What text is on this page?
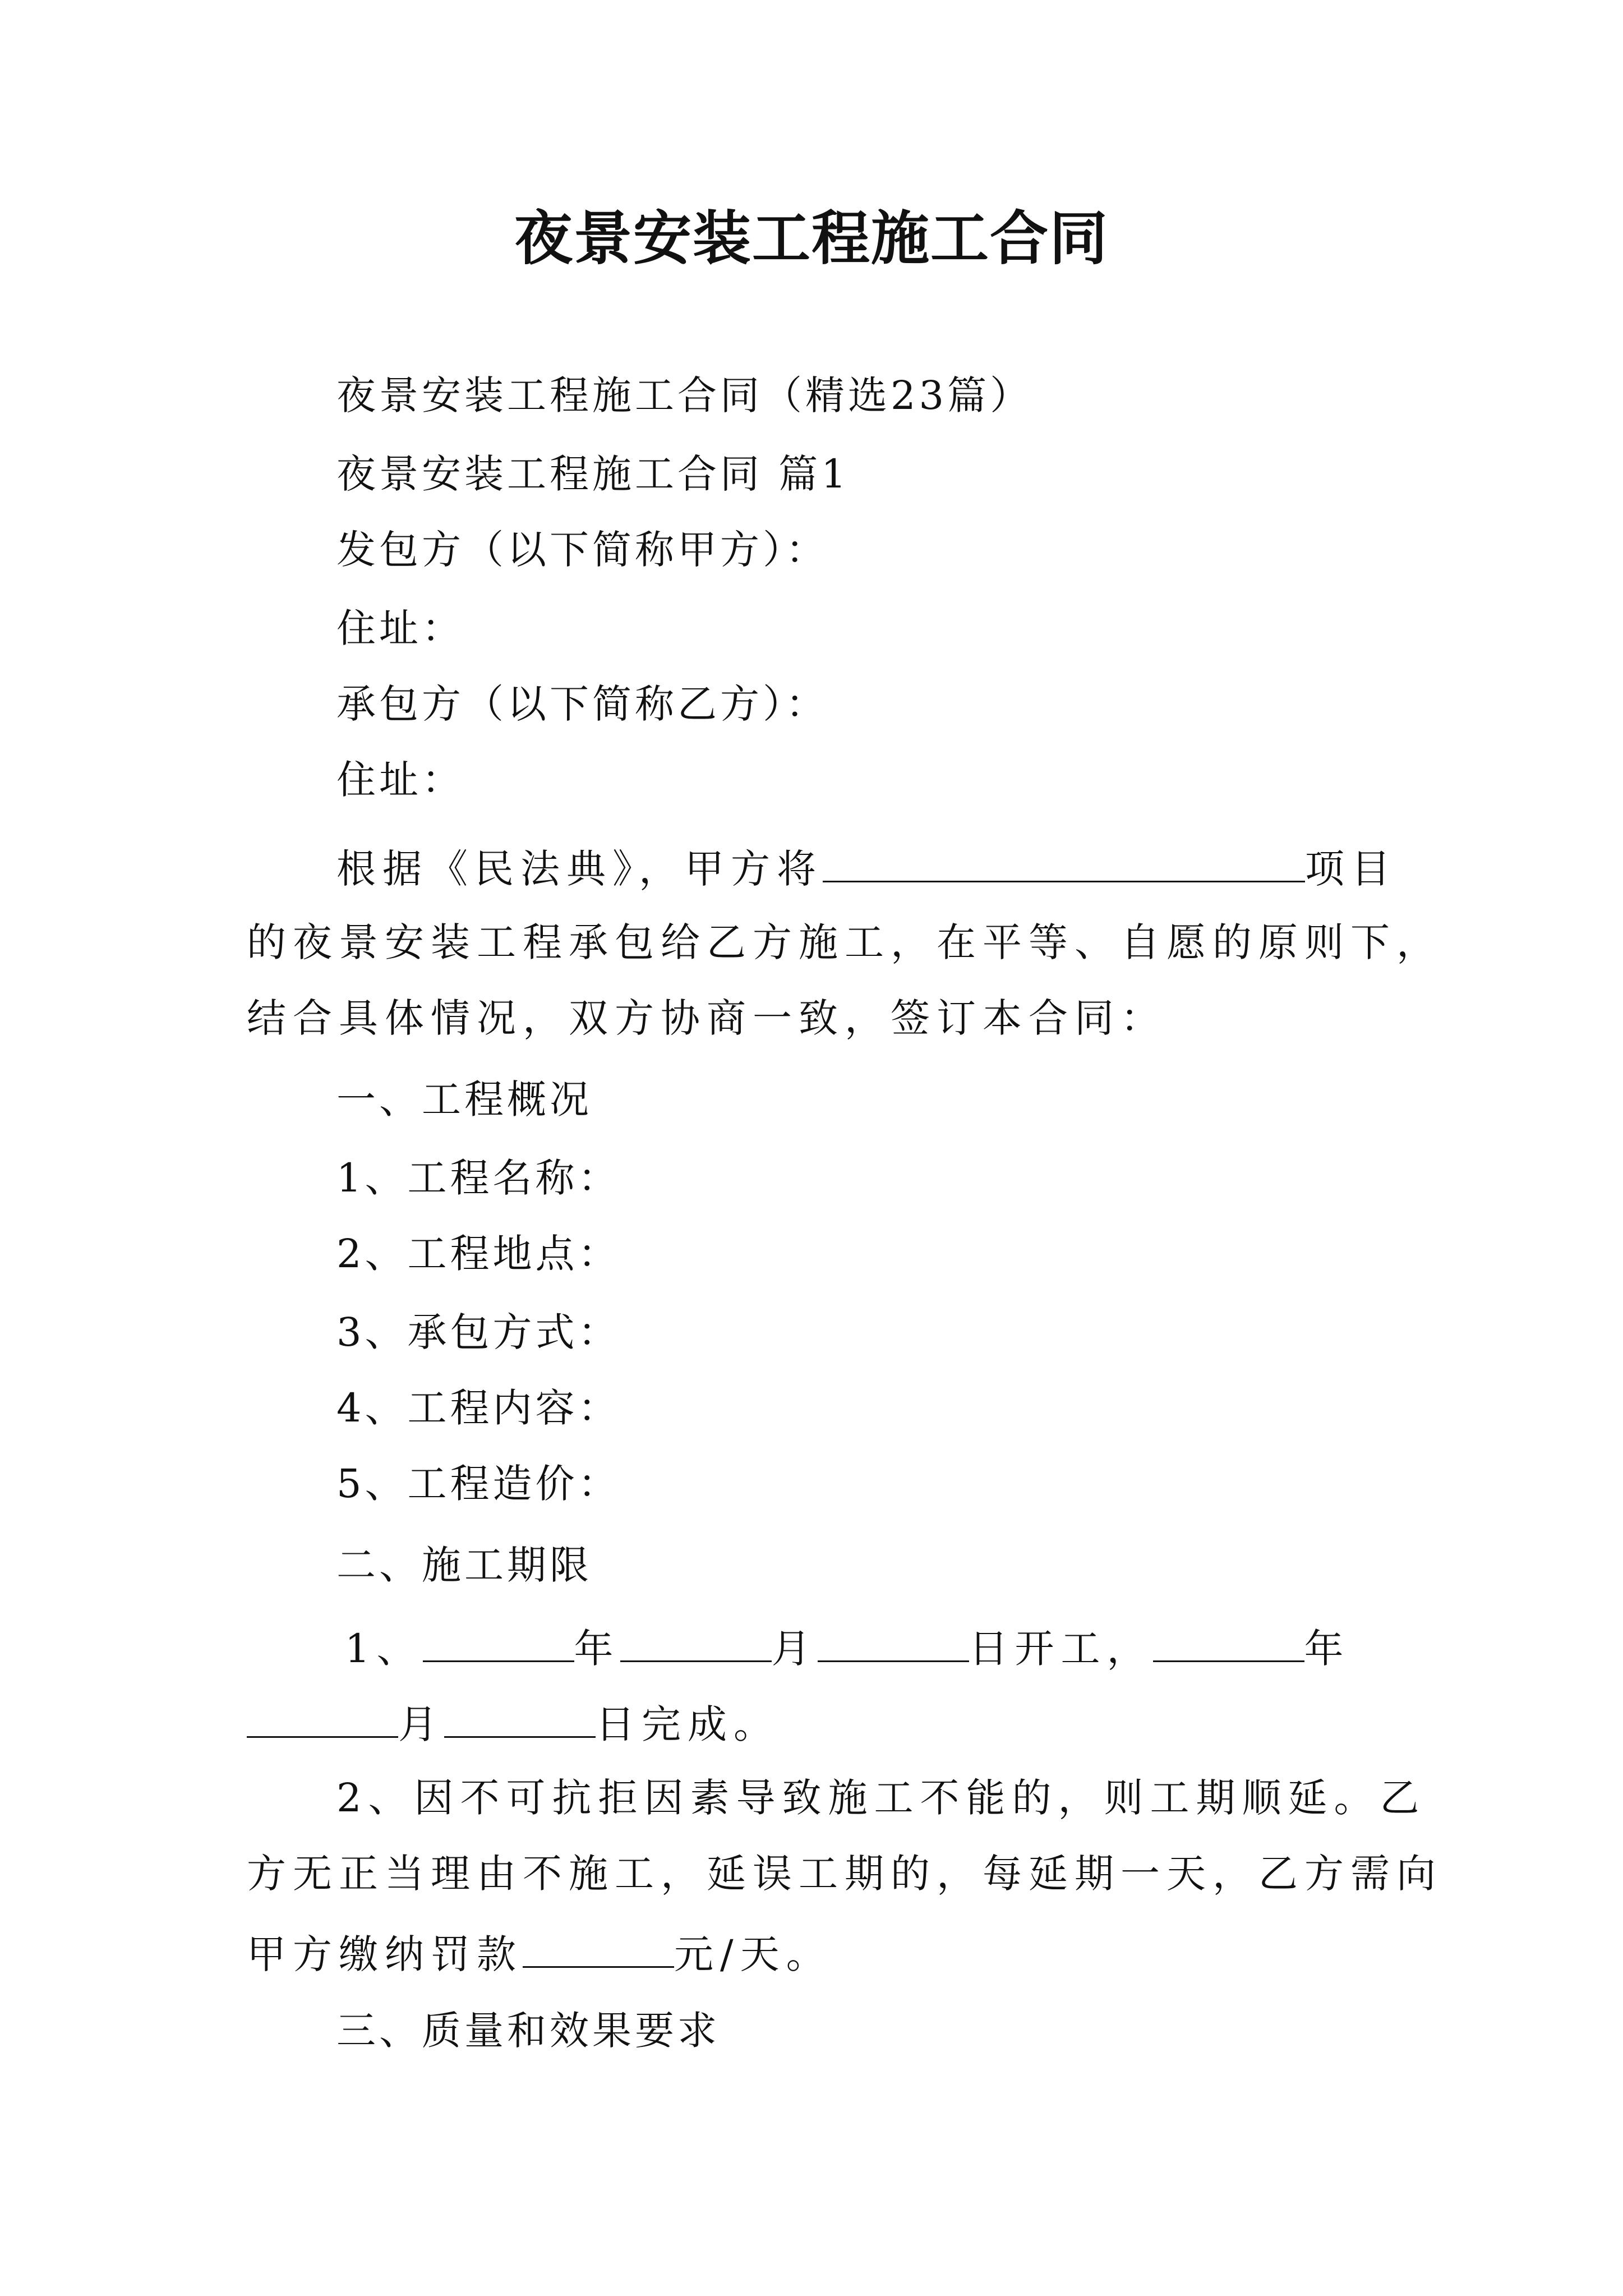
夜景安装工程施工合同
夜景安装工程施工合同（精选23篇）
夜景安装工程施工合同 篇1
发包方（以下简称甲方）：
住址：
承包方（以下简称乙方）：
住址：
根据《民法典》，甲方将	项目
的夜景安装工程承包给乙方施工，在平等、自愿的原则下，
结合具体情况，双方协商一致，签订本合同：
一、工程概况
1、工程名称：
2、工程地点：
3、承包方式：
4、工程内容：
5、工程造价：
二、施工期限
1、	年	月	日开工，	年
月	日完成。
2、因不可抗拒因素导致施工不能的，则工期顺延。乙
方无正当理由不施工，延误工期的，每延期一天，乙方需向
甲方缴纳罚款	元/天。
三、质量和效果要求
